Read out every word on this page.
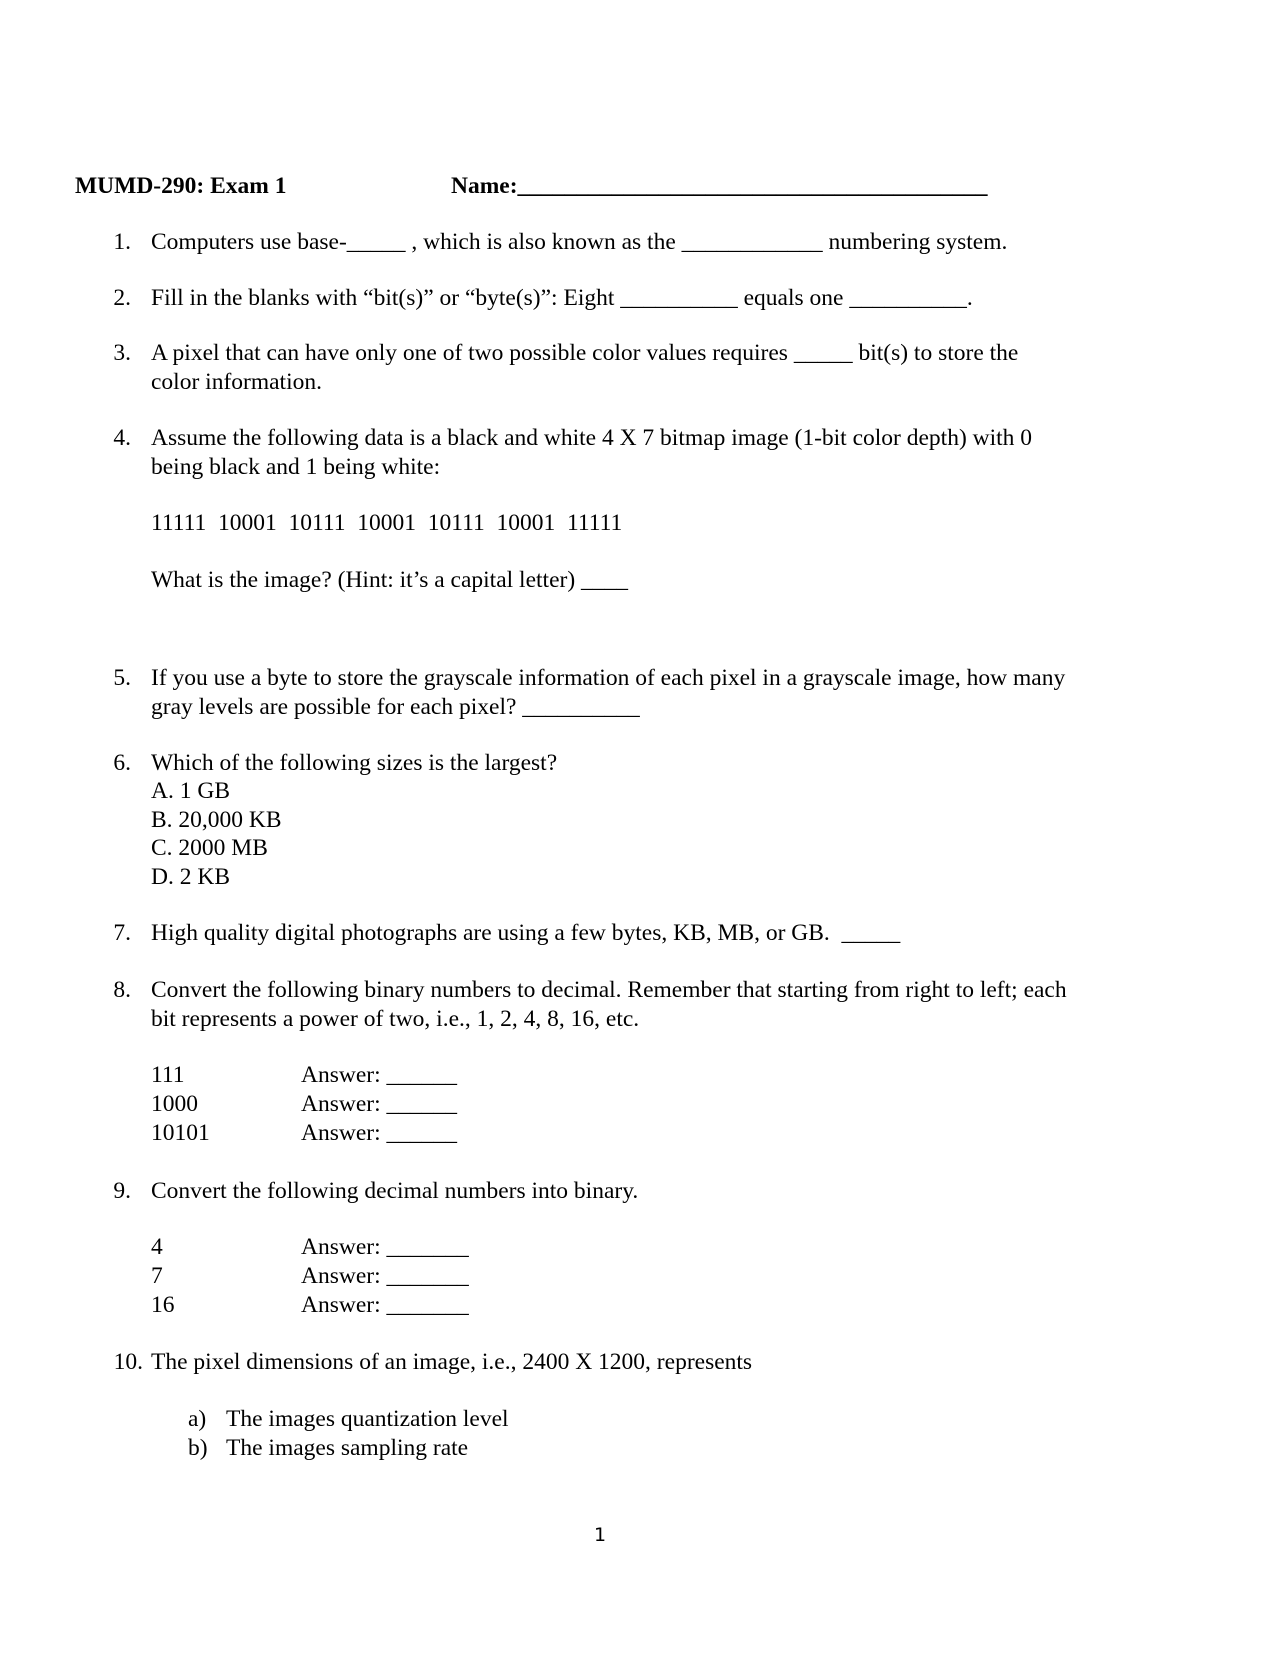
MUMD-290: Exam 1	Name:________________________________________
1. Computers use base-_____ , which is also known as the ____________ numbering system.
2. Fill in the blanks with “bit(s)” or “byte(s)”: Eight __________ equals one __________.
3. A pixel that can have only one of two possible color values requires _____ bit(s) to store the
color information.
4. Assume the following data is a black and white 4 X 7 bitmap image (1-bit color depth) with 0
being black and 1 being white:
11111  10001  10111  10001  10111  10001  11111
What is the image? (Hint: it’s a capital letter) ____
5. If you use a byte to store the grayscale information of each pixel in a grayscale image, how many
gray levels are possible for each pixel? __________
6. Which of the following sizes is the largest?
A. 1 GB
B. 20,000 KB
C. 2000 MB
D. 2 KB
7. High quality digital photographs are using a few bytes, KB, MB, or GB.  _____
8. Convert the following binary numbers to decimal. Remember that starting from right to left; each
bit represents a power of two, i.e., 1, 2, 4, 8, 16, etc.
111	Answer: ______
1000	Answer: ______
10101	Answer: ______
9. Convert the following decimal numbers into binary.
4	Answer: _______
7	Answer: _______
16	Answer: _______
10. The pixel dimensions of an image, i.e., 2400 X 1200, represents
a) The images quantization level
b) The images sampling rate
1
